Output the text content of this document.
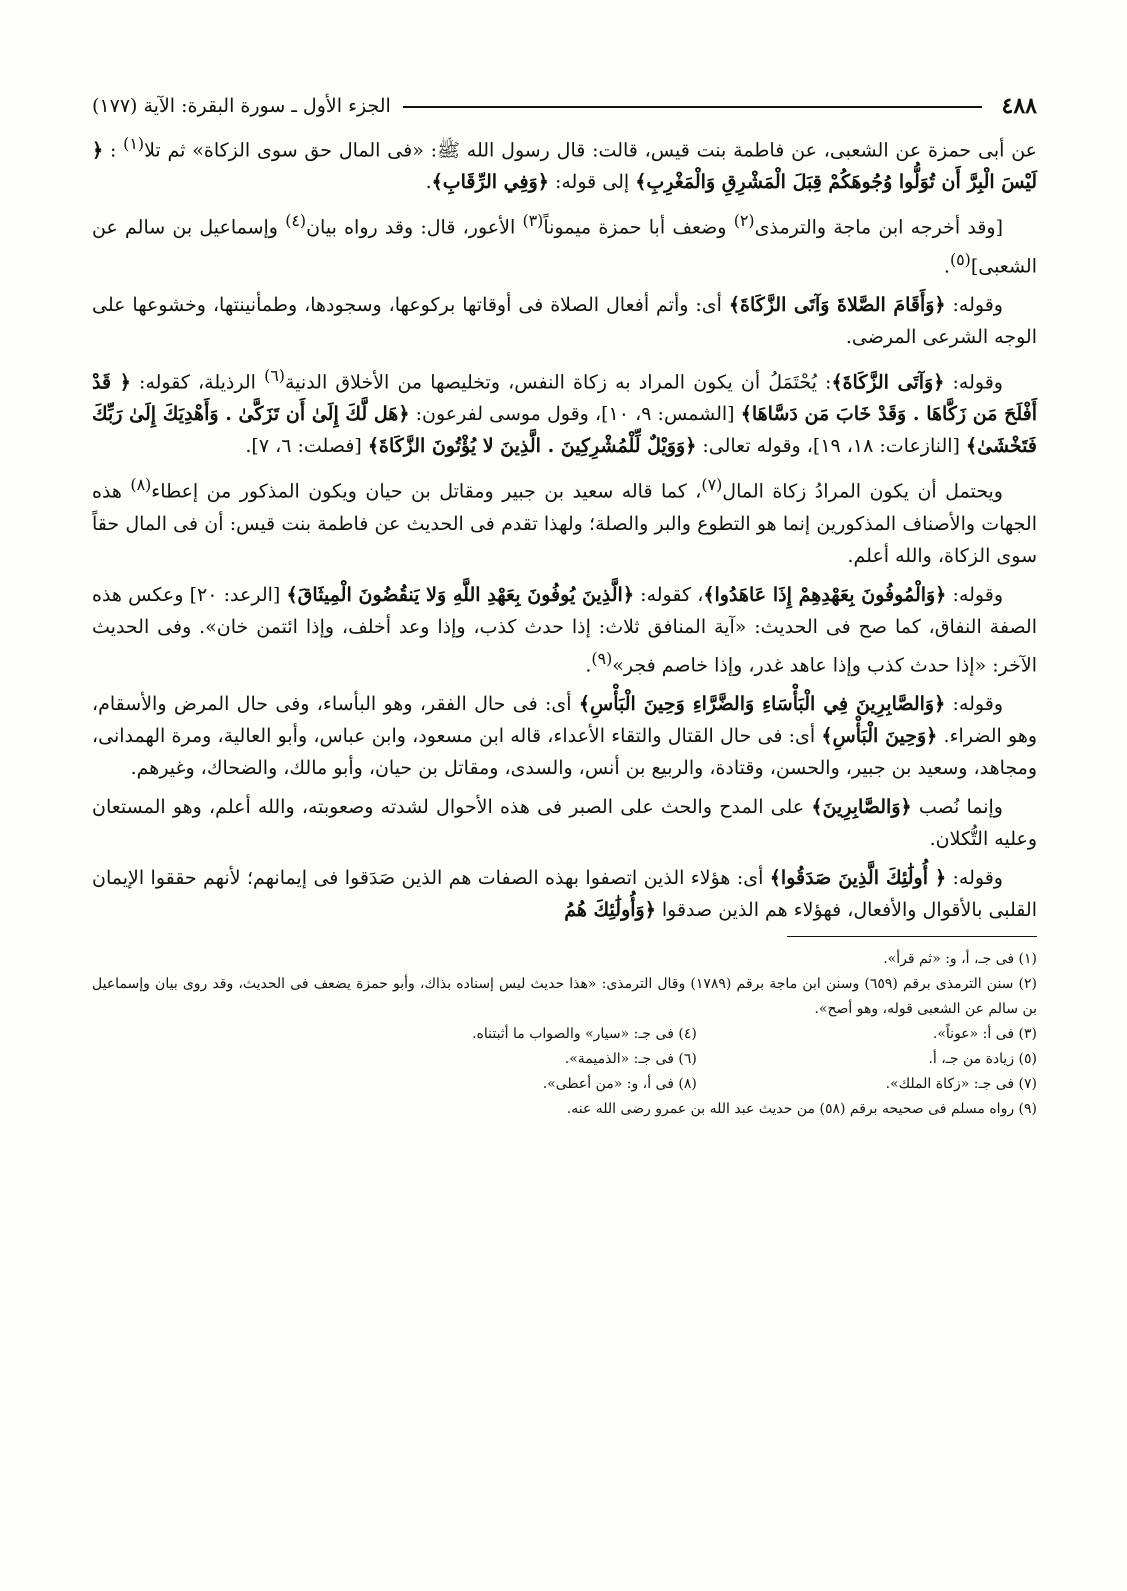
٤٨٨
الجزء الأول ـ سورة البقرة: الآية (١٧٧)

عن أبى حمزة عن الشعبى، عن فاطمة بنت قيس، قالت: قال رسول الله ﷺ: «فى المال حق سوى الزكاة» ثم تلا$^{(١)}$ : ﴿ لَيْسَ الْبِرَّ أَن تُوَلُّوا وُجُوهَكُمْ قِبَلَ الْمَشْرِقِ وَالْمَغْرِبِ﴾ إلى قوله: ﴿وَفِي الرِّقَابِ﴾.

[وقد أخرجه ابن ماجة والترمذى$^{(٢)}$ وضعف أبا حمزة ميموناً$^{(٣)}$ الأعور، قال: وقد رواه بيان$^{(٤)}$ وإسماعيل بن سالم عن الشعبى]$^{(٥)}$.

وقوله: ﴿وَأَقَامَ الصَّلاةَ وَآتَى الزَّكَاةَ﴾ أى: وأتم أفعال الصلاة فى أوقاتها بركوعها، وسجودها، وطمأنينتها، وخشوعها على الوجه الشرعى المرضى.

وقوله: ﴿وَآتَى الزَّكَاةَ﴾: يُحْتَمَلُ أن يكون المراد به زكاة النفس، وتخليصها من الأخلاق الدنية$^{(٦)}$ الرذيلة، كقوله: ﴿ قَدْ أَفْلَحَ مَن زَكَّاهَا . وَقَدْ خَابَ مَن دَسَّاهَا﴾ [الشمس: ٩، ١٠]، وقول موسى لفرعون: ﴿هَل لَّكَ إِلَىٰ أَن تَزَكَّىٰ . وَأَهْدِيَكَ إِلَىٰ رَبِّكَ فَتَخْشَىٰ﴾ [النازعات: ١٨، ١٩]، وقوله تعالى: ﴿وَوَيْلٌ لِّلْمُشْرِكِينَ . الَّذِينَ لا يُؤْتُونَ الزَّكَاةَ﴾ [فصلت: ٦، ٧].

ويحتمل أن يكون المرادُ زكاة المال$^{(٧)}$، كما قاله سعيد بن جبير ومقاتل بن حيان ويكون المذكور من إعطاء$^{(٨)}$ هذه الجهات والأصناف المذكورين إنما هو التطوع والبر والصلة؛ ولهذا تقدم فى الحديث عن فاطمة بنت قيس: أن فى المال حقاً سوى الزكاة، والله أعلم.

وقوله: ﴿وَالْمُوفُونَ بِعَهْدِهِمْ إِذَا عَاهَدُوا﴾، كقوله: ﴿الَّذِينَ يُوفُونَ بِعَهْدِ اللَّهِ وَلا يَنقُضُونَ الْمِيثَاقَ﴾ [الرعد: ٢٠] وعكس هذه الصفة النفاق، كما صح فى الحديث: «آية المنافق ثلاث: إذا حدث كذب، وإذا وعد أخلف، وإذا ائتمن خان». وفى الحديث الآخر: «إذا حدث كذب وإذا عاهد غدر، وإذا خاصم فجر»$^{(٩)}$.

وقوله: ﴿وَالصَّابِرِينَ فِي الْبَأْسَاءِ وَالضَّرَّاءِ وَحِينَ الْبَأْسِ﴾ أى: فى حال الفقر، وهو البأساء، وفى حال المرض والأسقام، وهو الضراء. ﴿وَحِينَ الْبَأْسِ﴾ أى: فى حال القتال والتقاء الأعداء، قاله ابن مسعود، وابن عباس، وأبو العالية، ومرة الهمدانى، ومجاهد، وسعيد بن جبير، والحسن، وقتادة، والربيع بن أنس، والسدى، ومقاتل بن حيان، وأبو مالك، والضحاك، وغيرهم.

وإنما نُصب ﴿وَالصَّابِرِينَ﴾ على المدح والحث على الصبر فى هذه الأحوال لشدته وصعوبته، والله أعلم، وهو المستعان وعليه التُّكلان.

وقوله: ﴿ أُولَٰئِكَ الَّذِينَ صَدَقُوا﴾ أى: هؤلاء الذين اتصفوا بهذه الصفات هم الذين صَدَقوا فى إيمانهم؛ لأنهم حققوا الإيمان القلبى بالأقوال والأفعال، فهؤلاء هم الذين صدقوا ﴿وَأُولَٰئِكَ هُمُ

(١) فى جـ، أ، و: «ثم قرأ».
(٢) سنن الترمذى برقم (٦٥٩) وسنن ابن ماجة برقم (١٧٨٩) وقال الترمذى: «هذا حديث ليس إسناده بذاك، وأبو حمزة يضعف فى الحديث، وقد روى بيان وإسماعيل بن سالم عن الشعبى قوله، وهو أصح».
(٣) فى أ: «عوناً».
(٤) فى جـ: «سيار» والصواب ما أثبتناه.
(٥) زيادة من جـ، أ.
(٦) فى جـ: «الذميمة».
(٧) فى جـ: «زكاة الملك».
(٨) فى أ، و: «من أعطى».
(٩) رواه مسلم فى صحيحه برقم (٥٨) من حديث عبد الله بن عمرو رضى الله عنه.
